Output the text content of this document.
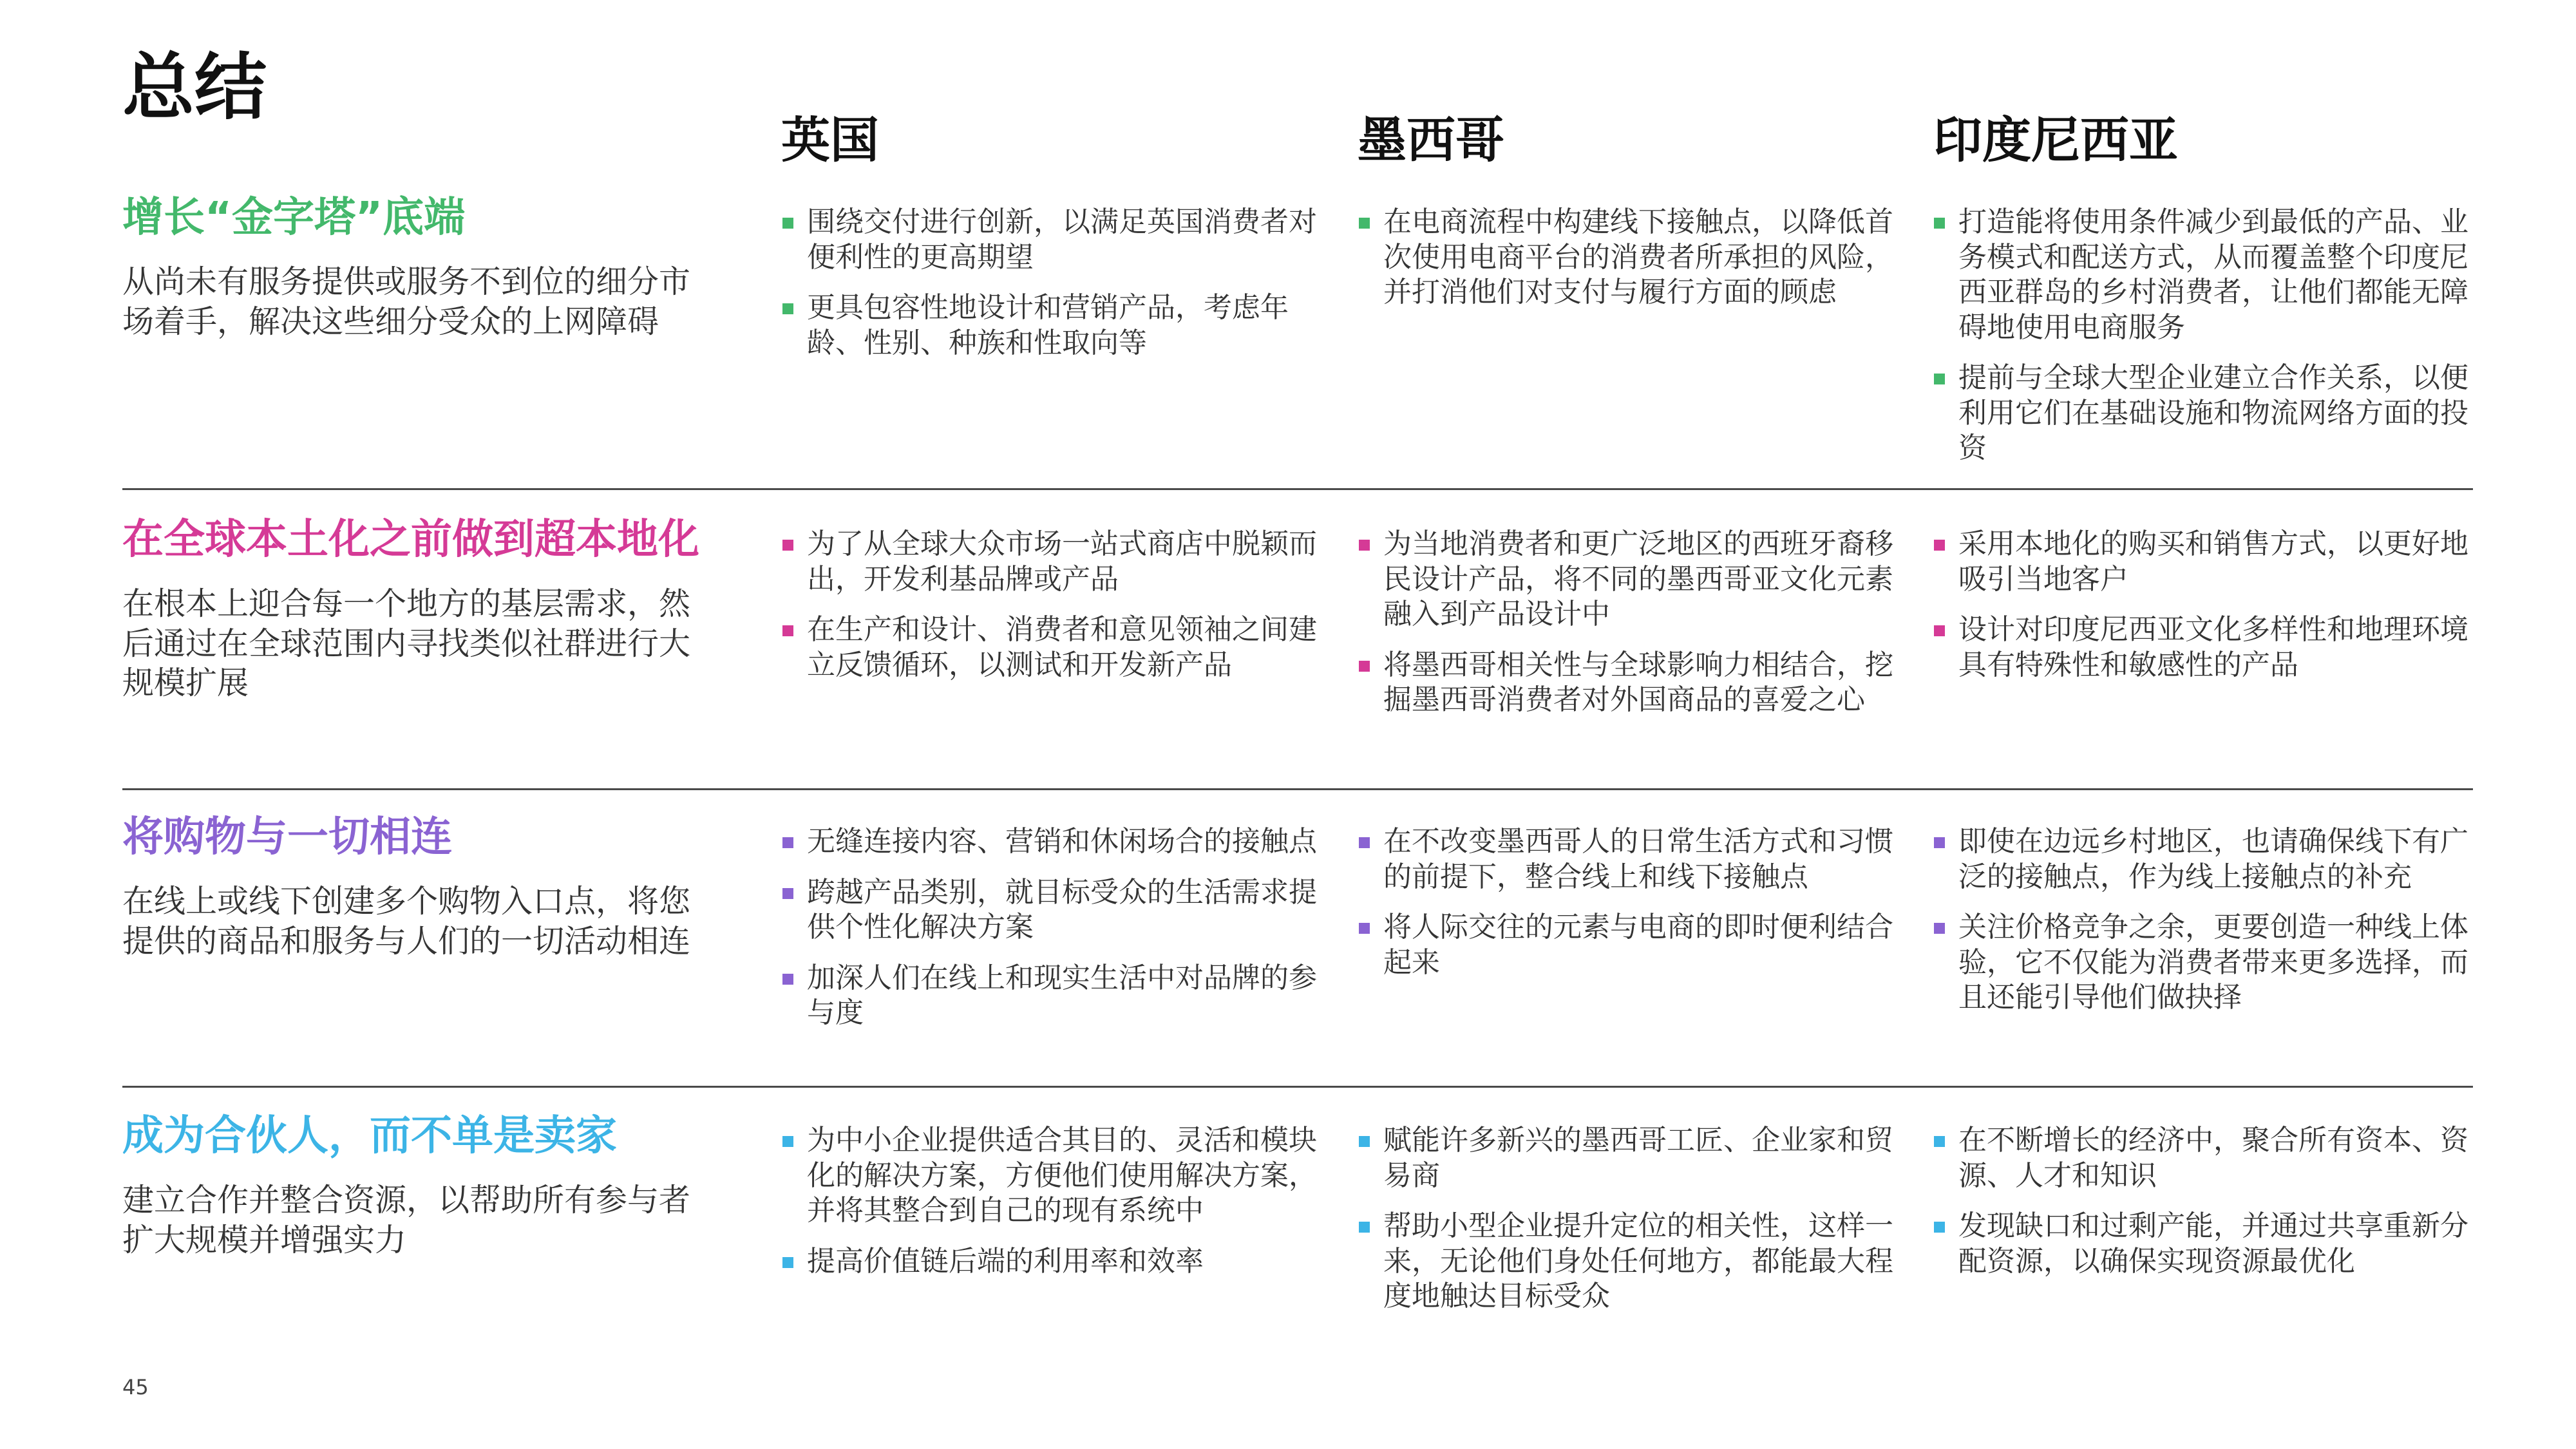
总结
英国	墨西哥	印度尼西亚
增长“金字塔”底端
从尚未有服务提供或服务不到位的细分市场着手，解决这些细分受众的上网障碍
围绕交付进行创新，以满足英国消费者对便利性的更高期望
更具包容性地设计和营销产品，考虑年龄、性别、种族和性取向等
在电商流程中构建线下接触点，以降低首次使用电商平台的消费者所承担的风险，并打消他们对支付与履行方面的顾虑
打造能将使用条件减少到最低的产品、业务模式和配送方式，从而覆盖整个印度尼西亚群岛的乡村消费者，让他们都能无障碍地使用电商服务
提前与全球大型企业建立合作关系，以便利用它们在基础设施和物流网络方面的投资
在全球本土化之前做到超本地化
在根本上迎合每一个地方的基层需求，然后通过在全球范围内寻找类似社群进行大规模扩展
为了从全球大众市场一站式商店中脱颖而出，开发利基品牌或产品
在生产和设计、消费者和意见领袖之间建立反馈循环，以测试和开发新产品
为当地消费者和更广泛地区的西班牙裔移民设计产品，将不同的墨西哥亚文化元素融入到产品设计中
将墨西哥相关性与全球影响力相结合，挖掘墨西哥消费者对外国商品的喜爱之心
采用本地化的购买和销售方式，以更好地吸引当地客户
设计对印度尼西亚文化多样性和地理环境具有特殊性和敏感性的产品
将购物与一切相连
在线上或线下创建多个购物入口点，将您提供的商品和服务与人们的一切活动相连
无缝连接内容、营销和休闲场合的接触点
跨越产品类别，就目标受众的生活需求提供个性化解决方案
加深人们在线上和现实生活中对品牌的参与度
在不改变墨西哥人的日常生活方式和习惯的前提下，整合线上和线下接触点
将人际交往的元素与电商的即时便利结合起来
即使在边远乡村地区，也请确保线下有广泛的接触点，作为线上接触点的补充
关注价格竞争之余，更要创造一种线上体验，它不仅能为消费者带来更多选择，而且还能引导他们做抉择
成为合伙人，而不单是卖家
建立合作并整合资源，以帮助所有参与者扩大规模并增强实力
为中小企业提供适合其目的、灵活和模块化的解决方案，方便他们使用解决方案，并将其整合到自己的现有系统中
提高价值链后端的利用率和效率
赋能许多新兴的墨西哥工匠、企业家和贸易商
帮助小型企业提升定位的相关性，这样一来，无论他们身处任何地方，都能最大程度地触达目标受众
在不断增长的经济中，聚合所有资本、资源、人才和知识
发现缺口和过剩产能，并通过共享重新分配资源，以确保实现资源最优化
45
